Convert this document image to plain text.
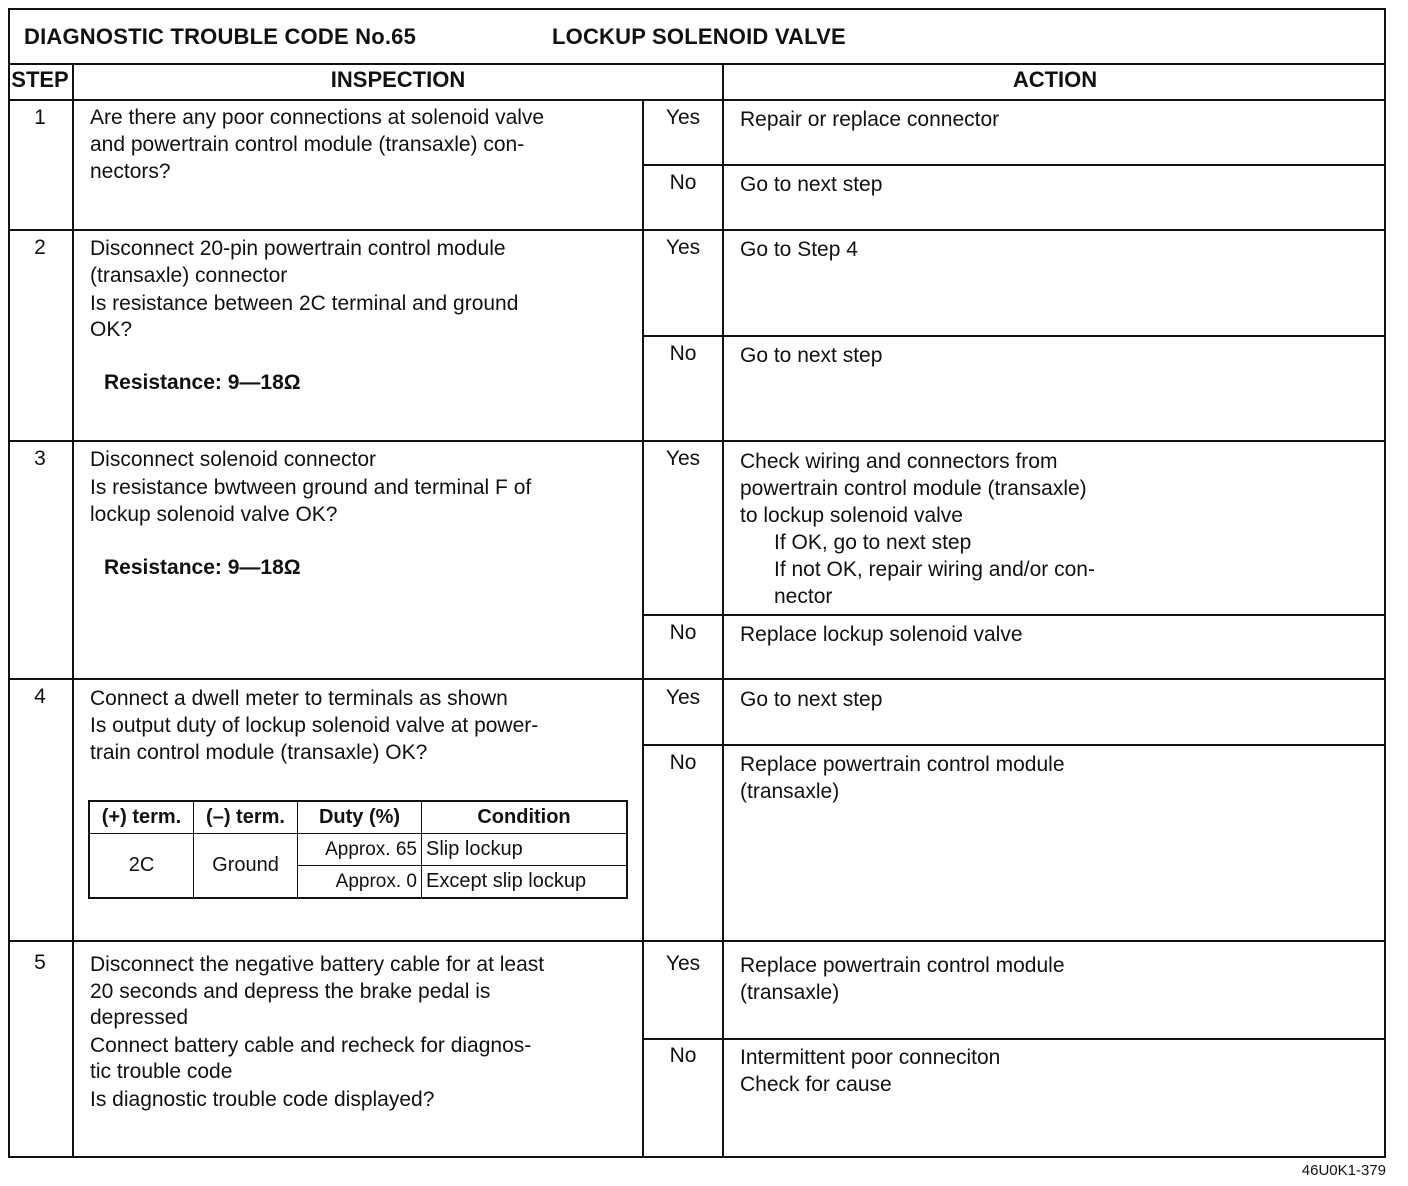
DIAGNOSTIC TROUBLE CODE No.65	LOCKUP SOLENOID VALVE
STEP	INSPECTION	ACTION
1	Are there any poor connections at solenoid valve
and powertrain control module (transaxle) con-
nectors?
Yes	Repair or replace connector
No	Go to next step
2	Disconnect 20-pin powertrain control module
(transaxle) connector
Is resistance between 2C terminal and ground
OK?
Resistance: 9—18Ω
Yes	Go to Step 4
No	Go to next step
3	Disconnect solenoid connector
Is resistance bwtween ground and terminal F of
lockup solenoid valve OK?
Resistance: 9—18Ω
Yes	Check wiring and connectors from
powertrain control module (transaxle)
to lockup solenoid valve
If OK, go to next step
If not OK, repair wiring and/or con-
nector
No	Replace lockup solenoid valve
4	Connect a dwell meter to terminals as shown
Is output duty of lockup solenoid valve at power-
train control module (transaxle) OK?
(+) term.	(–) term.	Duty (%)	Condition
2C	Ground	Approx. 65	Slip lockup
		Approx. 0	Except slip lockup
Yes	Go to next step
No	Replace powertrain control module
(transaxle)
5	Disconnect the negative battery cable for at least
20 seconds and depress the brake pedal is
depressed
Connect battery cable and recheck for diagnos-
tic trouble code
Is diagnostic trouble code displayed?
Yes	Replace powertrain control module
(transaxle)
No	Intermittent poor conneciton
Check for cause
46U0K1-379
